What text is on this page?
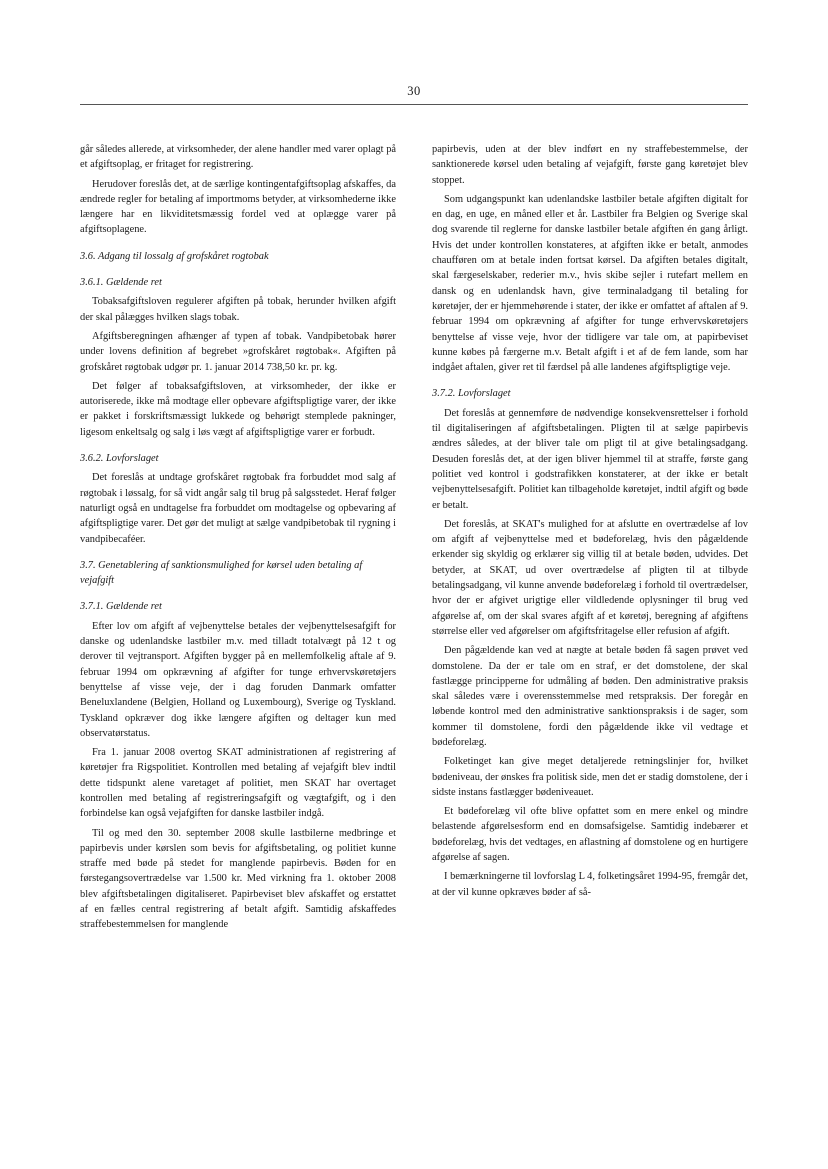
30

går således allerede, at virksomheder, der alene handler med varer oplagt på et afgiftsoplag, er fritaget for registrering.

Herudover foreslås det, at de særlige kontingentafgiftsoplag afskaffes, da ændrede regler for betaling af importmoms betyder, at virksomhederne ikke længere har en likviditetsmæssig fordel ved at oplægge varer på afgiftsoplagene.

3.6. Adgang til lossalg af grofskåret rogtobak

3.6.1. Gældende ret

Tobaksafgiftsloven regulerer afgiften på tobak, herunder hvilken afgift der skal pålægges hvilken slags tobak.

Afgiftsberegningen afhænger af typen af tobak. Vandpibetobak hører under lovens definition af begrebet »grofskåret røgtobak«. Afgiften på grofskåret røgtobak udgør pr. 1. januar 2014 738,50 kr. pr. kg.

Det følger af tobaksafgiftsloven, at virksomheder, der ikke er autoriserede, ikke må modtage eller opbevare afgiftspligtige varer, der ikke er pakket i forskriftsmæssigt lukkede og behørigt stemplede pakninger, ligesom enkeltsalg og salg i løs vægt af afgiftspligtige varer er forbudt.

3.6.2. Lovforslaget

Det foreslås at undtage grofskåret røgtobak fra forbuddet mod salg af røgtobak i løssalg, for så vidt angår salg til brug på salgsstedet. Heraf følger naturligt også en undtagelse fra forbuddet om modtagelse og opbevaring af afgiftspligtige varer. Det gør det muligt at sælge vandpibetobak til rygning i vandpibecaféer.

3.7. Genetablering af sanktionsmulighed for kørsel uden betaling af vejafgift

3.7.1. Gældende ret

Efter lov om afgift af vejbenyttelse betales der vejbenyttelsesafgift for danske og udenlandske lastbiler m.v. med tilladt totalvægt på 12 t og derover til vejtransport. Afgiften bygger på en mellemfolkelig aftale af 9. februar 1994 om opkrævning af afgifter for tunge erhvervskøretøjers benyttelse af visse veje, der i dag foruden Danmark omfatter Beneluxlandene (Belgien, Holland og Luxembourg), Sverige og Tyskland. Tyskland opkræver dog ikke længere afgiften og deltager kun med observatørstatus.

Fra 1. januar 2008 overtog SKAT administrationen af registrering af køretøjer fra Rigspolitiet. Kontrollen med betaling af vejafgift blev indtil dette tidspunkt alene varetaget af politiet, men SKAT har overtaget kontrollen med betaling af registreringsafgift og vægtafgift, og i den forbindelse kan også vejafgiften for danske lastbiler indgå.

Til og med den 30. september 2008 skulle lastbilerne medbringe et papirbevis under kørslen som bevis for afgiftsbetaling, og politiet kunne straffe med bøde på stedet for manglende papirbevis. Bøden for en førstegangsovertrædelse var 1.500 kr. Med virkning fra 1. oktober 2008 blev afgiftsbetalingen digitaliseret. Papirbeviset blev afskaffet og erstattet af en fælles central registrering af betalt afgift. Samtidig afskaffedes straffebestemmelsen for manglende

papirbevis, uden at der blev indført en ny straffebestemmelse, der sanktionerede kørsel uden betaling af vejafgift, første gang køretøjet blev stoppet.

Som udgangspunkt kan udenlandske lastbiler betale afgiften digitalt for en dag, en uge, en måned eller et år. Lastbiler fra Belgien og Sverige skal dog svarende til reglerne for danske lastbiler betale afgiften én gang årligt. Hvis det under kontrollen konstateres, at afgiften ikke er betalt, anmodes chaufføren om at betale inden fortsat kørsel. Da afgiften betales digitalt, skal færgeselskaber, rederier m.v., hvis skibe sejler i rutefart mellem en dansk og en udenlandsk havn, give terminaladgang til betaling for køretøjer, der er hjemmehørende i stater, der ikke er omfattet af aftalen af 9. februar 1994 om opkrævning af afgifter for tunge erhvervskøretøjers benyttelse af visse veje, hvor der tidligere var tale om, at papirbeviset kunne købes på færgerne m.v. Betalt afgift i et af de fem lande, som har indgået aftalen, giver ret til færdsel på alle landenes afgiftspligtige veje.

3.7.2. Lovforslaget

Det foreslås at gennemføre de nødvendige konsekvensrettelser i forhold til digitaliseringen af afgiftsbetalingen. Pligten til at sælge papirbevis ændres således, at der bliver tale om pligt til at give betalingsadgang. Desuden foreslås det, at der igen bliver hjemmel til at straffe, første gang politiet ved kontrol i godstrafikken konstaterer, at der ikke er betalt vejbenyttelsesafgift. Politiet kan tilbageholde køretøjet, indtil afgift og bøde er betalt.

Det foreslås, at SKAT's mulighed for at afslutte en overtrædelse af lov om afgift af vejbenyttelse med et bødeforelæg, hvis den pågældende erkender sig skyldig og erklærer sig villig til at betale bøden, udvides. Det betyder, at SKAT, ud over overtrædelse af pligten til at tilbyde betalingsadgang, vil kunne anvende bødeforelæg i forhold til overtrædelser, hvor der er afgivet urigtige eller vildledende oplysninger til brug ved afgørelse af, om der skal svares afgift af et køretøj, beregning af afgiftens størrelse eller ved afgørelser om afgiftsfritagelse eller refusion af afgift.

Den pågældende kan ved at nægte at betale bøden få sagen prøvet ved domstolene. Da der er tale om en straf, er det domstolene, der skal fastlægge principperne for udmåling af bøden. Den administrative praksis skal således være i overensstemmelse med retspraksis. Der foregår en løbende kontrol med den administrative sanktionspraksis i de sager, som kommer til domstolene, fordi den pågældende ikke vil vedtage et bødeforelæg.

Folketinget kan give meget detaljerede retningslinjer for, hvilket bødeniveau, der ønskes fra politisk side, men det er stadig domstolene, der i sidste instans fastlægger bødeniveauet.

Et bødeforelæg vil ofte blive opfattet som en mere enkel og mindre belastende afgørelsesform end en domsafsigelse. Samtidig indebærer et bødeforelæg, hvis det vedtages, en aflastning af domstolene og en hurtigere afgørelse af sagen.

I bemærkningerne til lovforslag L 4, folketingsåret 1994-95, fremgår det, at der vil kunne opkræves bøder af så-
